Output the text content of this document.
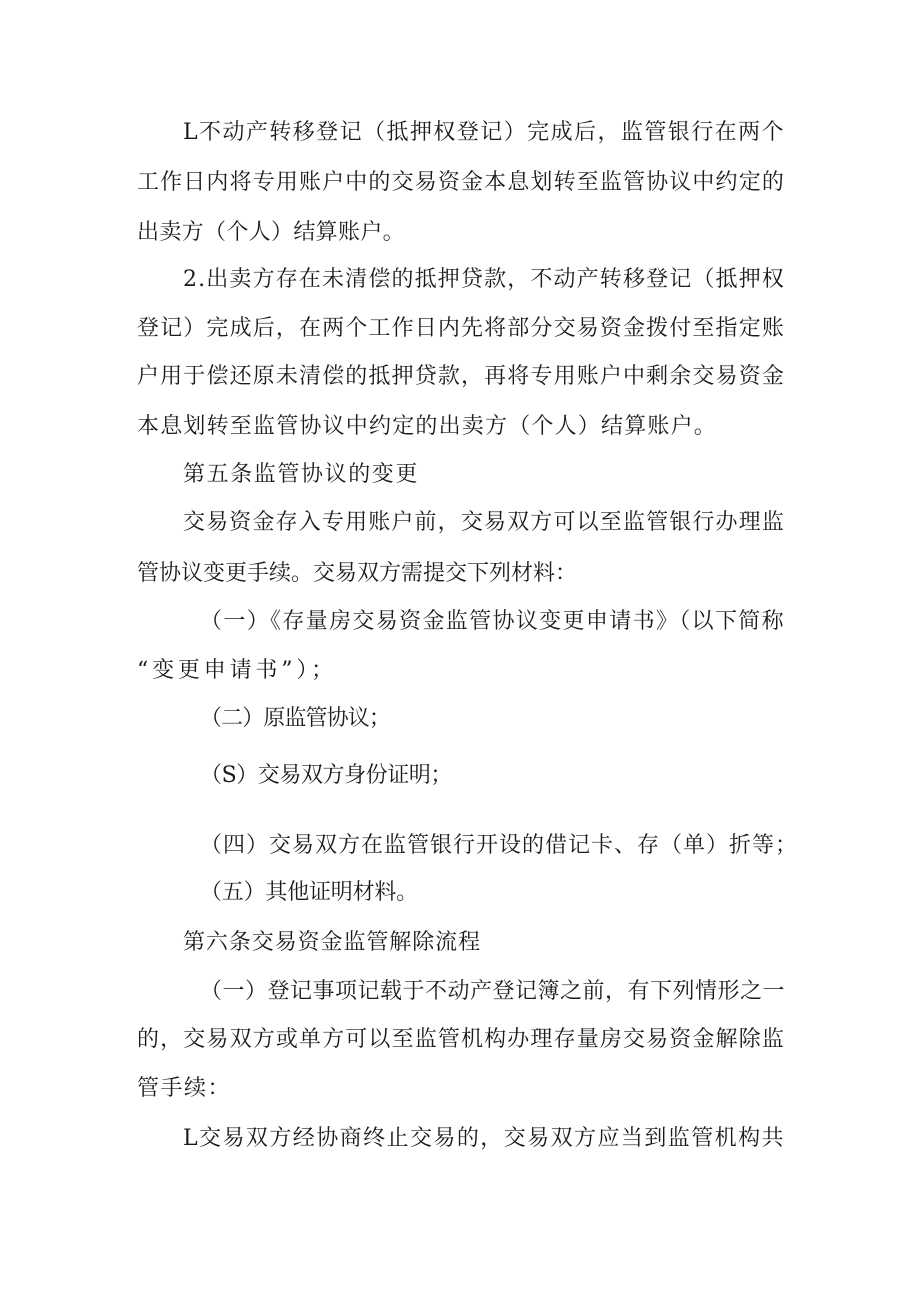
L不动产转移登记（抵押权登记）完成后，监管银行在两个
工作日内将专用账户中的交易资金本息划转至监管协议中约定的
出卖方（个人）结算账户。
2.出卖方存在未清偿的抵押贷款，不动产转移登记（抵押权
登记）完成后，在两个工作日内先将部分交易资金拨付至指定账
户用于偿还原未清偿的抵押贷款，再将专用账户中剩余交易资金
本息划转至监管协议中约定的出卖方（个人）结算账户。
第五条监管协议的变更
交易资金存入专用账户前，交易双方可以至监管银行办理监
管协议变更手续。交易双方需提交下列材料：
（一）《存量房交易资金监管协议变更申请书》（以下简称
“变更申请书”）；
（二）原监管协议；
（S）交易双方身份证明；
（四）交易双方在监管银行开设的借记卡、存（单）折等；
（五）其他证明材料。
第六条交易资金监管解除流程
（一）登记事项记载于不动产登记簿之前，有下列情形之一
的，交易双方或单方可以至监管机构办理存量房交易资金解除监
管手续：
L交易双方经协商终止交易的，交易双方应当到监管机构共
